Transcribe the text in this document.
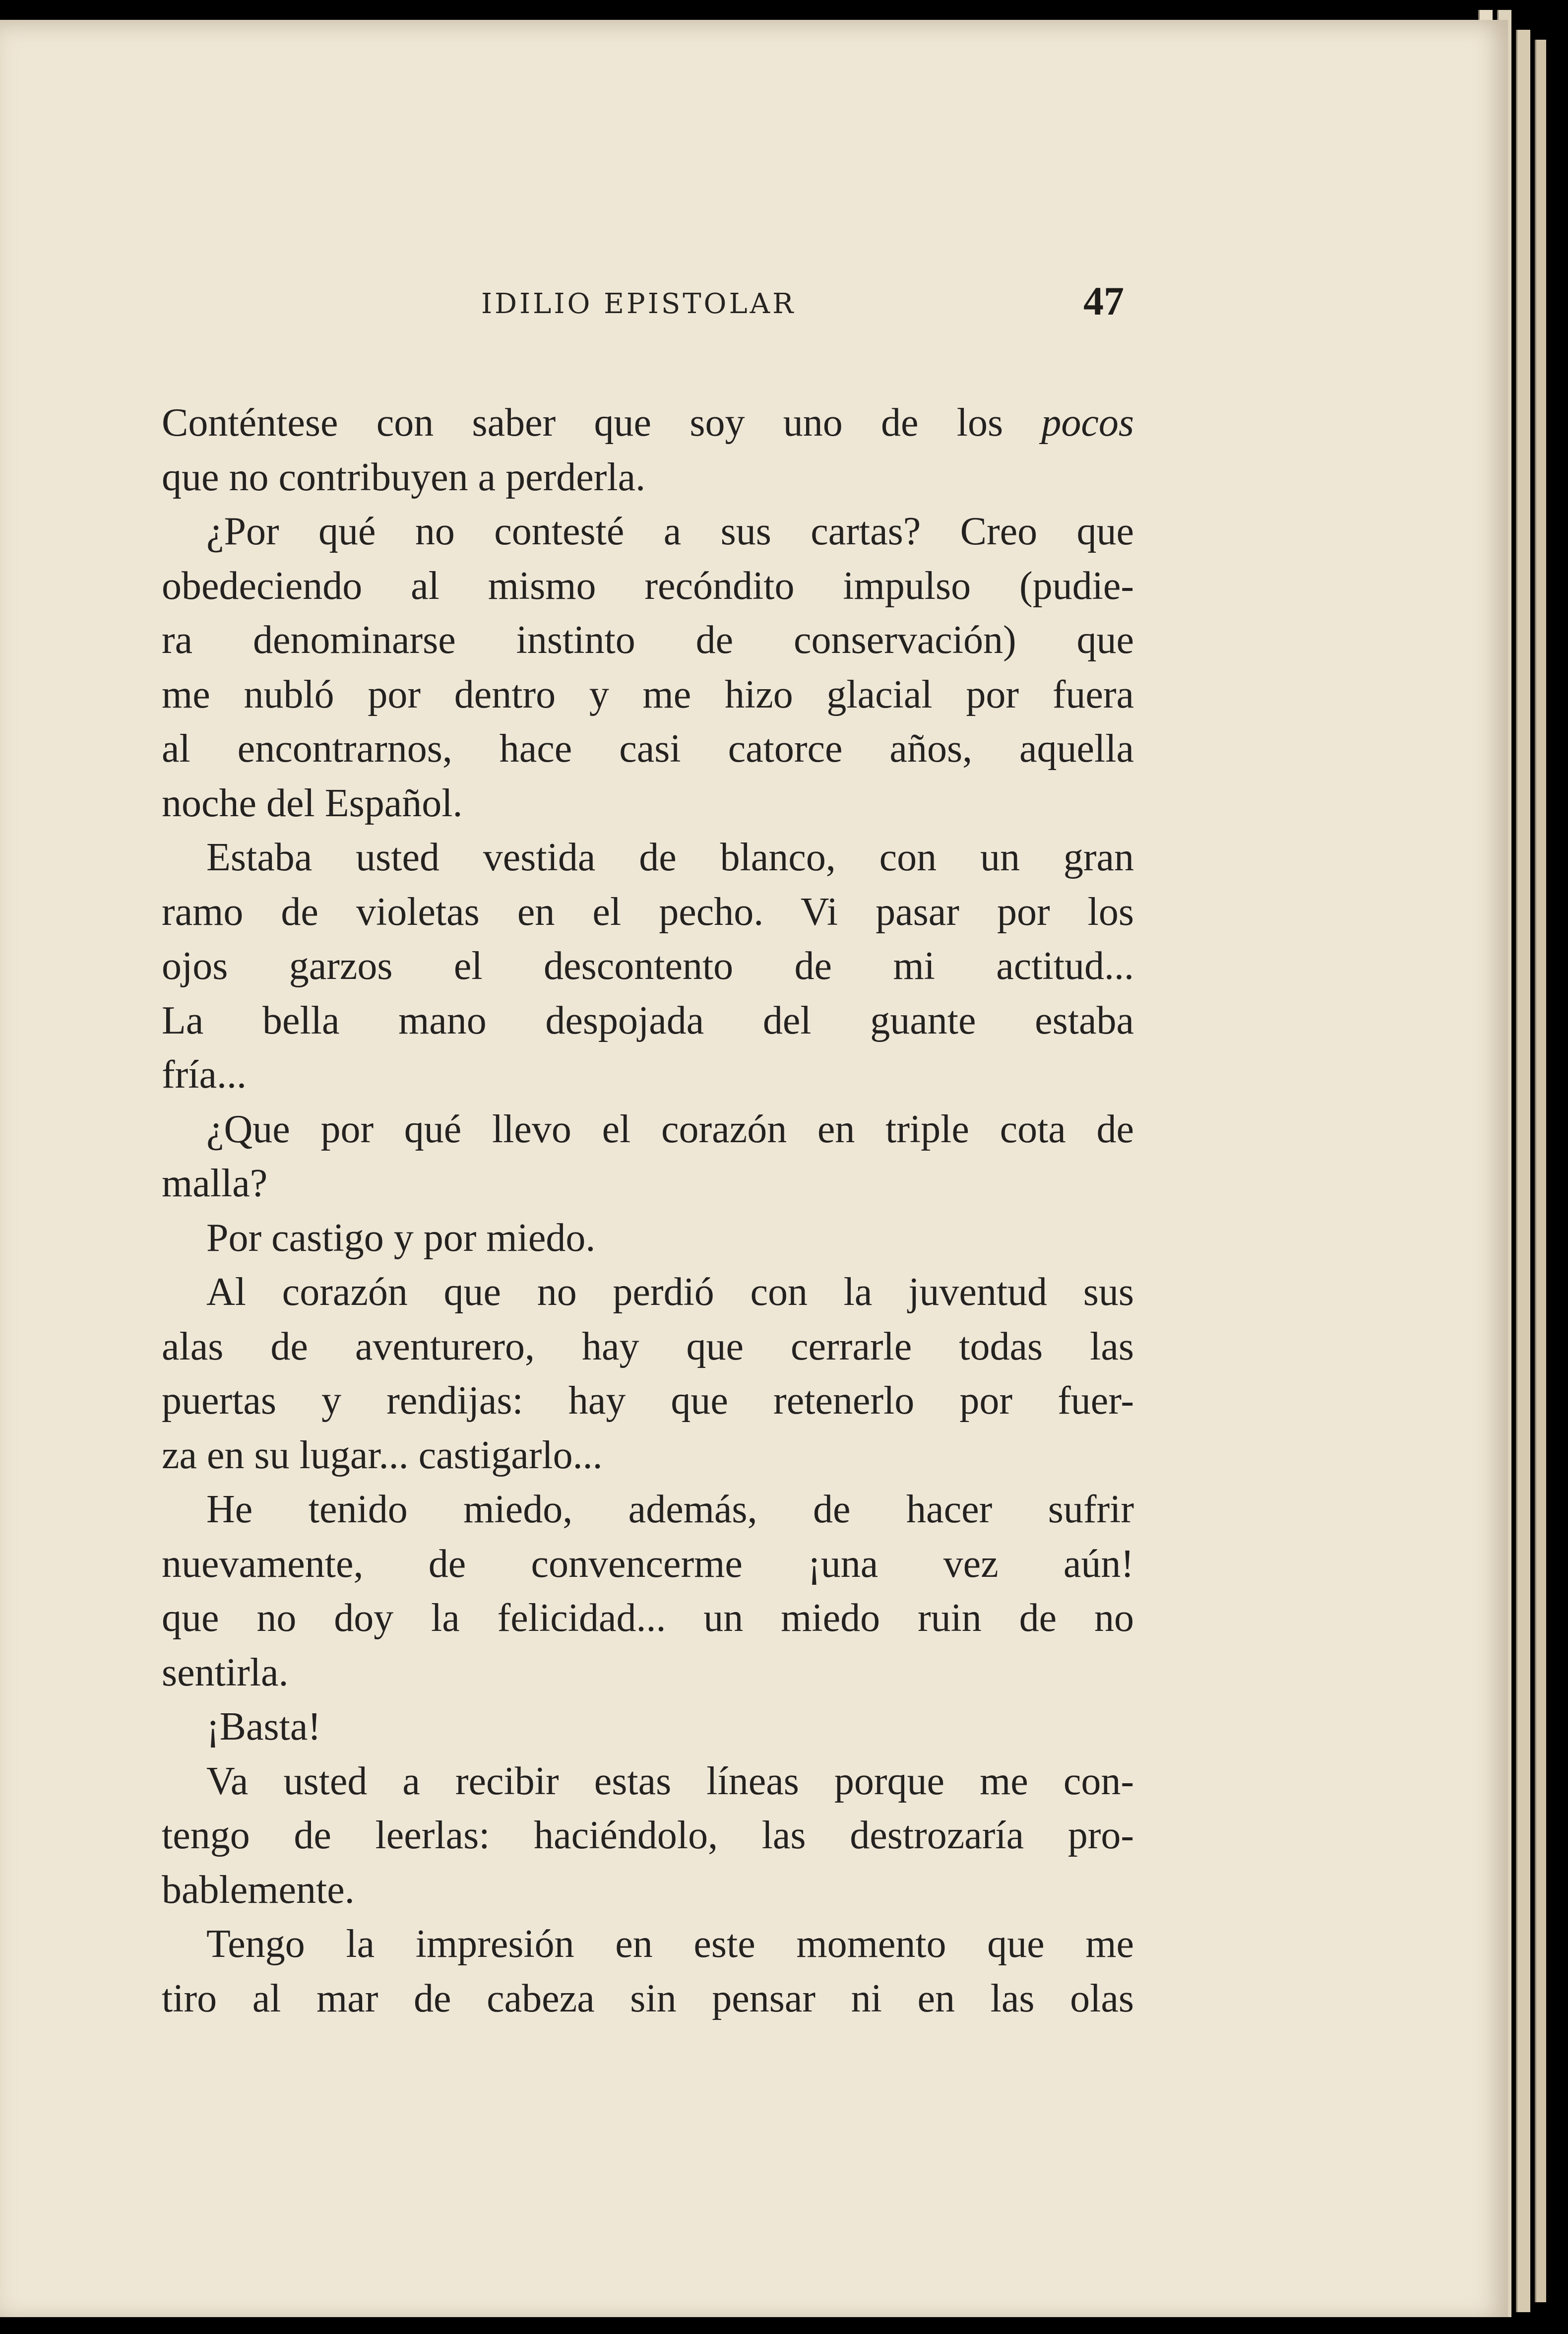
IDILIO EPISTOLAR	47
Conténtese con saber que soy uno de los pocos
que no contribuyen a perderla.
¿Por qué no contesté a sus cartas? Creo que
obedeciendo al mismo recóndito impulso (pudie-
ra denominarse instinto de conservación) que
me nubló por dentro y me hizo glacial por fuera
al encontrarnos, hace casi catorce años, aquella
noche del Español.
Estaba usted vestida de blanco, con un gran
ramo de violetas en el pecho. Vi pasar por los
ojos garzos el descontento de mi actitud...
La bella mano despojada del guante estaba
fría...
¿Que por qué llevo el corazón en triple cota de
malla?
Por castigo y por miedo.
Al corazón que no perdió con la juventud sus
alas de aventurero, hay que cerrarle todas las
puertas y rendijas: hay que retenerlo por fuer-
za en su lugar... castigarlo...
He tenido miedo, además, de hacer sufrir
nuevamente, de convencerme ¡una vez aún!
que no doy la felicidad... un miedo ruin de no
sentirla.
¡Basta!
Va usted a recibir estas líneas porque me con-
tengo de leerlas: haciéndolo, las destrozaría pro-
bablemente.
Tengo la impresión en este momento que me
tiro al mar de cabeza sin pensar ni en las olas
